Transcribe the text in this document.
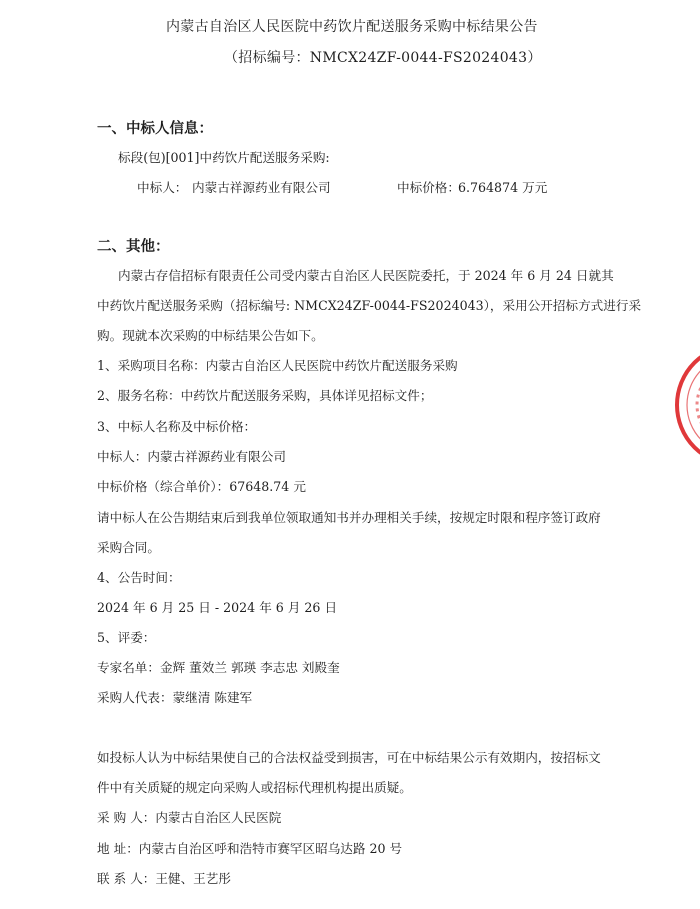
内蒙古自治区人民医院中药饮片配送服务采购中标结果公告
（招标编号：NMCX24ZF-0044-FS2024043）
一、中标人信息：
标段(包)[001]中药饮片配送服务采购:
中标人： 内蒙古祥源药业有限公司	中标价格：
6.764874 万元
二、其他：
内蒙古存信招标有限责任公司受内蒙古自治区人民医院委托，于 2024 年 6 月 24 日就其
中药饮片配送服务采购（招标编号: NMCX24ZF-0044-FS2024043），采用公开招标方式进行采
购。现就本次采购的中标结果公告如下。
1、采购项目名称：内蒙古自治区人民医院中药饮片配送服务采购
2、服务名称：中药饮片配送服务采购，具体详见招标文件；
3、中标人名称及中标价格：
中标人：内蒙古祥源药业有限公司
中标价格（综合单价）：67648.74 元
请中标人在公告期结束后到我单位领取通知书并办理相关手续，按规定时限和程序签订政府
采购合同。
4、公告时间：
2024 年 6 月 25 日 - 2024 年 6 月 26 日
5、评委：
专家名单：金辉 董效兰 郭瑛 李志忠 刘殿奎
采购人代表：蒙继清 陈建军
如投标人认为中标结果使自己的合法权益受到损害，可在中标结果公示有效期内，按招标文
件中有关质疑的规定向采购人或招标代理机构提出质疑。
采 购 人：内蒙古自治区人民医院
地 址：内蒙古自治区呼和浩特市赛罕区昭乌达路 20 号
联 系 人：王健、王艺彤
